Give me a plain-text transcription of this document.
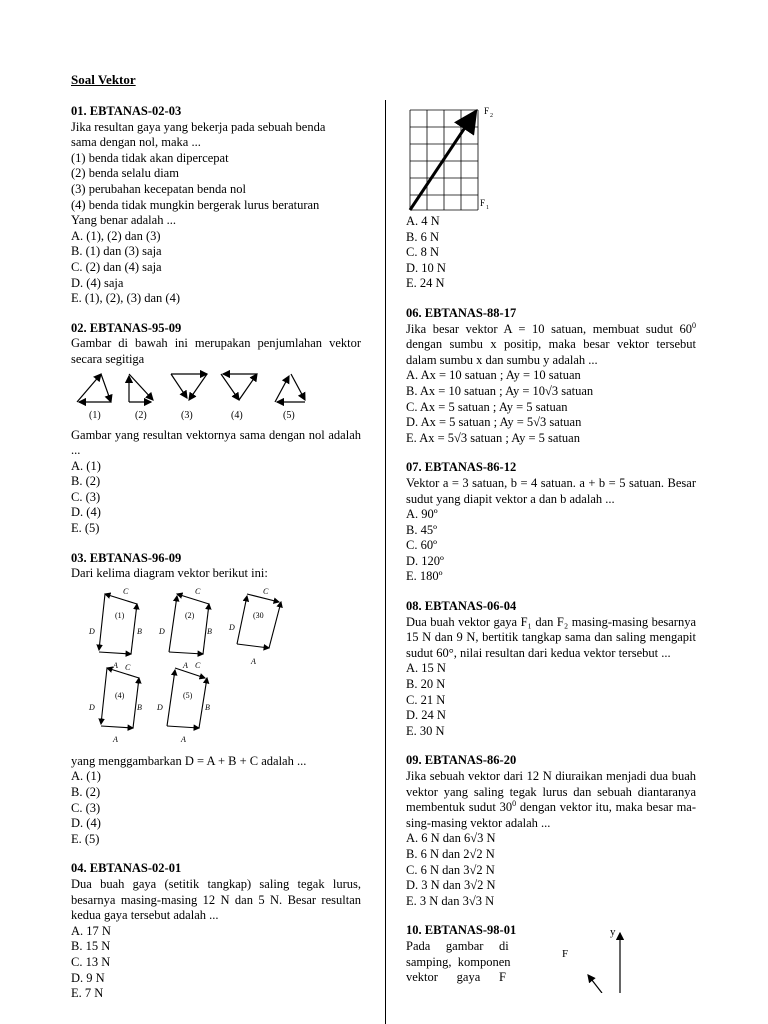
Soal Vektor
01. EBTANAS-02-03
Jika resultan gaya yang bekerja pada sebuah benda
sama dengan nol, maka ...
(1) benda tidak akan dipercepat
(2) benda selalu diam
(3) perubahan kecepatan benda nol
(4) benda tidak mungkin bergerak lurus beraturan
Yang benar adalah ...
A. (1), (2) dan (3)
B. (1) dan (3) saja
C. (2) dan (4) saja
D. (4) saja
E. (1), (2), (3) dan (4)
02. EBTANAS-95-09
Gambar di bawah ini merupakan penjumlahan vektor secara segitiga
(1)	(2)	(3)	(4)	(5)
Gambar yang resultan vektornya sama dengan nol adalah ...
A. (1)
B. (2)
C. (3)
D. (4)
E. (5)
03. EBTANAS-96-09
Dari kelima diagram vektor berikut ini:
(1)	(2)	(30
(4)	(5)
A	A	A
A	A
B	B
B	B
C	C	C
C	C
D	D	D
D	D
yang menggambarkan D = A + B + C adalah ...
A. (1)
B. (2)
C. (3)
D. (4)
E. (5)
04. EBTANAS-02-01
Dua buah gaya (setitik tangkap) saling tegak lurus, besarnya masing-masing 12 N dan 5 N. Besar resultan kedua gaya tersebut adalah ...
A. 17 N
B. 15 N
C. 13 N
D. 9 N
E. 7 N
F 2
F 1
A. 4 N
B. 6 N
C. 8 N
D. 10 N
E. 24 N
06. EBTANAS-88-17
Jika besar vektor A = 10 satuan, membuat sudut $60^0$ dengan sumbu x positip, maka besar vektor tersebut dalam sumbu x dan sumbu y adalah ...
A. Ax = 10 satuan ; Ay = 10 satuan
B. Ax = 10 satuan ; Ay = 10√3 satuan
C. Ax = 5 satuan ; Ay = 5 satuan
D. Ax = 5 satuan ; Ay = 5√3 satuan
E. Ax = 5√3 satuan ; Ay = 5 satuan
07. EBTANAS-86-12
Vektor a = 3 satuan, b = 4 satuan. a + b = 5 satuan. Besar sudut yang diapit vektor a dan b adalah ...
A. 90º
B. 45º
C. 60º
D. 120º
E. 180º
08. EBTANAS-06-04
Dua buah vektor gaya F₁ dan F₂ masing-masing besarnya 15 N dan 9 N, bertitik tangkap sama dan saling mengapit sudut 60°, nilai resultan dari kedua vektor tersebut ...
A. 15 N
B. 20 N
C. 21 N
D. 24 N
E. 30 N
09. EBTANAS-86-20
Jika sebuah vektor dari 12 N diuraikan menjadi dua buah vektor yang saling tegak lurus dan sebuah diantaranya membentuk sudut $30^0$ dengan vektor itu, maka besar ma-sing-masing vektor adalah ...
A. 6 N dan 6√3 N
B. 6 N dan 2√2 N
C. 6 N dan 3√2 N
D. 3 N dan 3√2 N
E. 3 N dan 3√3 N
10. EBTANAS-98-01
Pada     gambar     di
samping,  komponen
vektor      gaya      F
y
F
